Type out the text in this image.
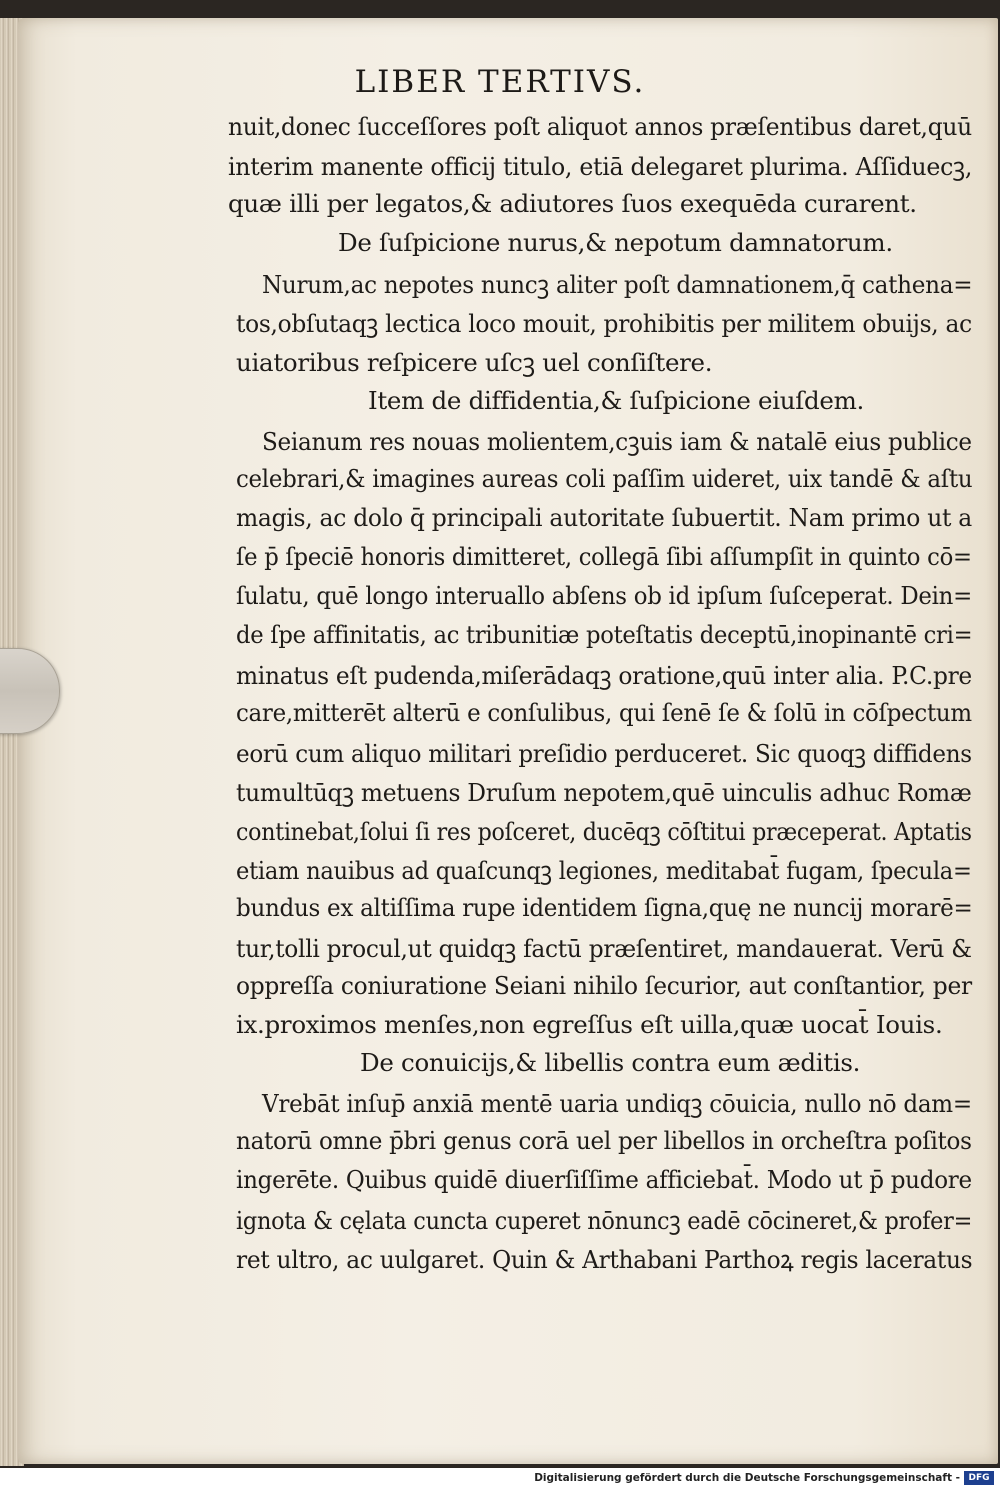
LIBER TERTIVS.
nuit,donec ſucceſſores poſt aliquot annos præſentibus daret,quū
interim manente officij titulo, etiā delegaret plurima. Aſſiduecꝫ,
quæ illi per legatos,& adiutores ſuos exequēda curarent.
De ſuſpicione nurus,& nepotum damnatorum.
Nurum,ac nepotes nuncꝫ aliter poſt damnationem,q̄ cathena=
tos,obſutaqꝫ lectica loco mouit, prohibitis per militem obuijs, ac
uiatoribus reſpicere uſcꝫ uel conſiſtere.
Item de diffidentia,& ſuſpicione eiuſdem.
Seianum res nouas molientem,cꝫuis iam & natalē eius publice
celebrari,& imagines aureas coli paſſim uideret, uix tandē & aſtu
magis, ac dolo q̄ principali autoritate ſubuertit. Nam primo ut a
ſe p̄ ſpeciē honoris dimitteret, collegā ſibi aſſumpſit in quinto cō=
ſulatu, quē longo interuallo abſens ob id ipſum ſuſceperat. Dein=
de ſpe affinitatis, ac tribunitiæ poteſtatis deceptū,inopinantē cri=
minatus eſt pudenda,miſerādaqꝫ oratione,quū inter alia. P.C.pre
care,mitterēt alterū e conſulibus, qui ſenē ſe & ſolū in cōſpectum
eorū cum aliquo militari preſidio perduceret. Sic quoqꝫ diffidens
tumultūqꝫ metuens Druſum nepotem,quē uinculis adhuc Romæ
continebat,ſolui ſi res poſceret, ducēqꝫ cōſtitui præceperat. Aptatis
etiam nauibus ad quaſcunqꝫ legiones, meditabat̄ fugam, ſpecula=
bundus ex altiſſima rupe identidem ſigna,quę ne nuncij morarē=
tur,tolli procul,ut quidqꝫ factū præſentiret, mandauerat. Verū &
oppreſſa coniuratione Seiani nihilo ſecurior, aut conſtantior, per
ix.proximos menſes,non egreſſus eſt uilla,quæ uocat̄ Iouis.
De conuicijs,& libellis contra eum æditis.
Vrebāt inſup̄ anxiā mentē uaria undiqꝫ cōuicia, nullo nō dam=
natorū omne p̄bri genus corā uel per libellos in orcheſtra poſitos
ingerēte. Quibus quidē diuerſiſſime afficiebat̄. Modo ut p̄ pudore
ignota & cęlata cuncta cuperet nōnuncꝫ eadē cōcineret,& profer=
ret ultro, ac uulgaret. Quin & Arthabani Parthoꝝ regis laceratus
Digitalisierung gefördert durch die Deutsche Forschungsgemeinschaft - DFG
